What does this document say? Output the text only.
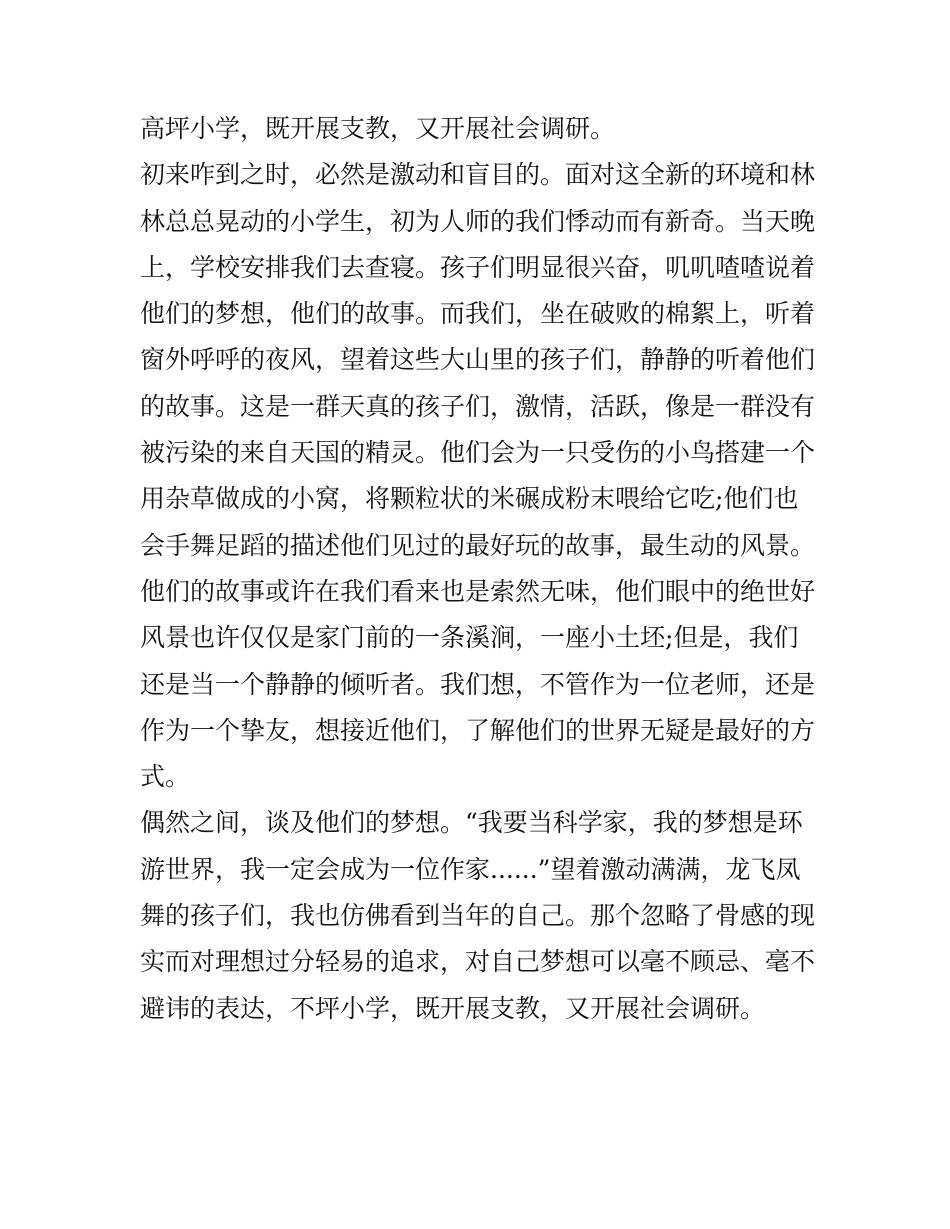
高坪小学，既开展支教，又开展社会调研。
初来咋到之时，必然是激动和盲目的。面对这全新的环境和林
林总总晃动的小学生，初为人师的我们悸动而有新奇。当天晚
上，学校安排我们去查寝。孩子们明显很兴奋，叽叽喳喳说着
他们的梦想，他们的故事。而我们，坐在破败的棉絮上，听着
窗外呼呼的夜风，望着这些大山里的孩子们，静静的听着他们
的故事。这是一群天真的孩子们，激情，活跃，像是一群没有
被污染的来自天国的精灵。他们会为一只受伤的小鸟搭建一个
用杂草做成的小窝，将颗粒状的米碾成粉末喂给它吃;他们也
会手舞足蹈的描述他们见过的最好玩的故事，最生动的风景。
他们的故事或许在我们看来也是索然无味，他们眼中的绝世好
风景也许仅仅是家门前的一条溪涧，一座小土坯;但是，我们
还是当一个静静的倾听者。我们想，不管作为一位老师，还是
作为一个挚友，想接近他们，了解他们的世界无疑是最好的方
式。
偶然之间，谈及他们的梦想。“我要当科学家，我的梦想是环
游世界，我一定会成为一位作家......”望着激动满满，龙飞凤
舞的孩子们，我也仿佛看到当年的自己。那个忽略了骨感的现
实而对理想过分轻易的追求，对自己梦想可以毫不顾忌、毫不
避讳的表达，不坪小学，既开展支教，又开展社会调研。
